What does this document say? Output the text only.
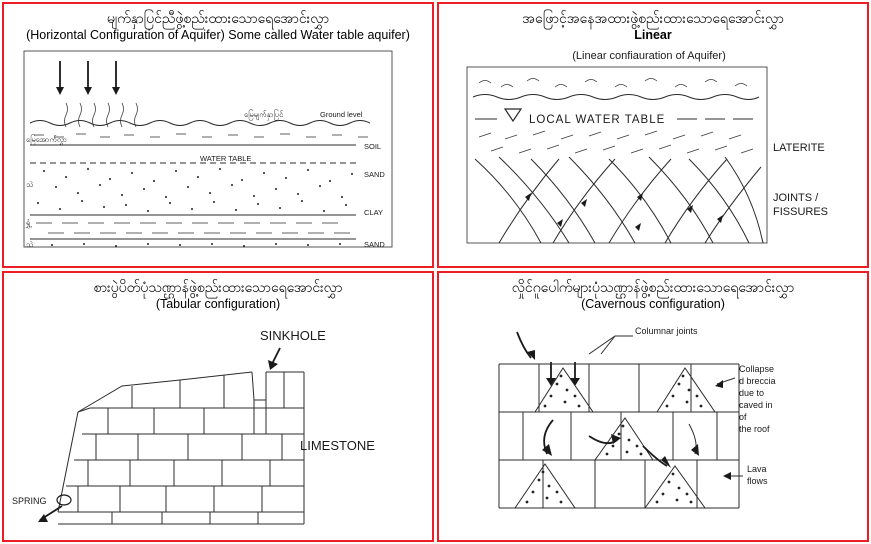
မျက်နှာပြင်ညီဖွဲ့စည်းထားသောရေအောင်းလွှာ
(Horizontal Configuration of Aquifer) Some called Water table aquifer)
မြေမျက်နှာပြင်	Ground level
SOIL
မြေအောက်လွှာ
WATER TABLE
SAND
သဲ
CLAY
ရွှံ့
SAND
သဲ
အဖြောင့်အနေအထားဖွဲ့စည်းထားသောရေအောင်းလွှာ
Linear
(Linear confiauration of Aquifer)
LOCAL WATER TABLE
LATERITE
JOINTS /
FISSURES
စားပွဲပိတ်ပုံသဏ္ဌာန်ဖွဲ့စည်းထားသောရေအောင်းလွှာ
(Tabular configuration)
SINKHOLE
LIMESTONE
SPRING
လှိုင်ဂူပေါက်များပုံသဏ္ဌာန်ဖွဲ့စည်းထားသောရေအောင်းလွှာ
(Cavernous configuration)
Columnar joints
Collapse
d breccia
due to
caved in
of
the roof
Lava
flows
